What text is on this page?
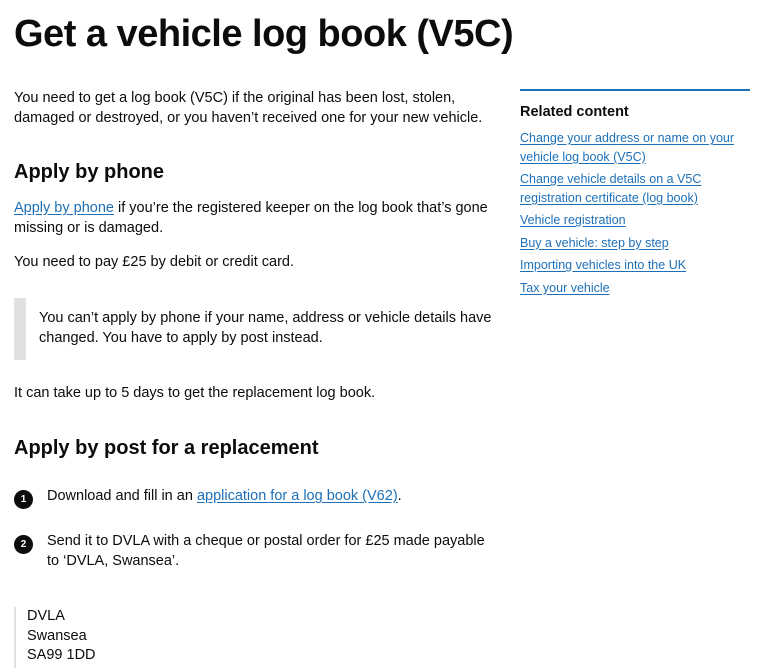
Get a vehicle log book (V5C)

You need to get a log book (V5C) if the original has been lost, stolen, damaged or destroyed, or you haven’t received one for your new vehicle.

Apply by phone

Apply by phone if you’re the registered keeper on the log book that’s gone missing or is damaged.

You need to pay £25 by debit or credit card.

You can’t apply by phone if your name, address or vehicle details have changed. You have to apply by post instead.

It can take up to 5 days to get the replacement log book.

Apply by post for a replacement
1	Download and fill in an application for a log book (V62).

2	Send it to DVLA with a cheque or postal order for £25 made payable to ‘DVLA, Swansea’.

DVLA

Swansea

SA99 1DD

Related content
Change your address or name on your vehicle log book (V5C)
Change vehicle details on a V5C registration certificate (log book)
Vehicle registration
Buy a vehicle: step by step
Importing vehicles into the UK
Tax your vehicle
